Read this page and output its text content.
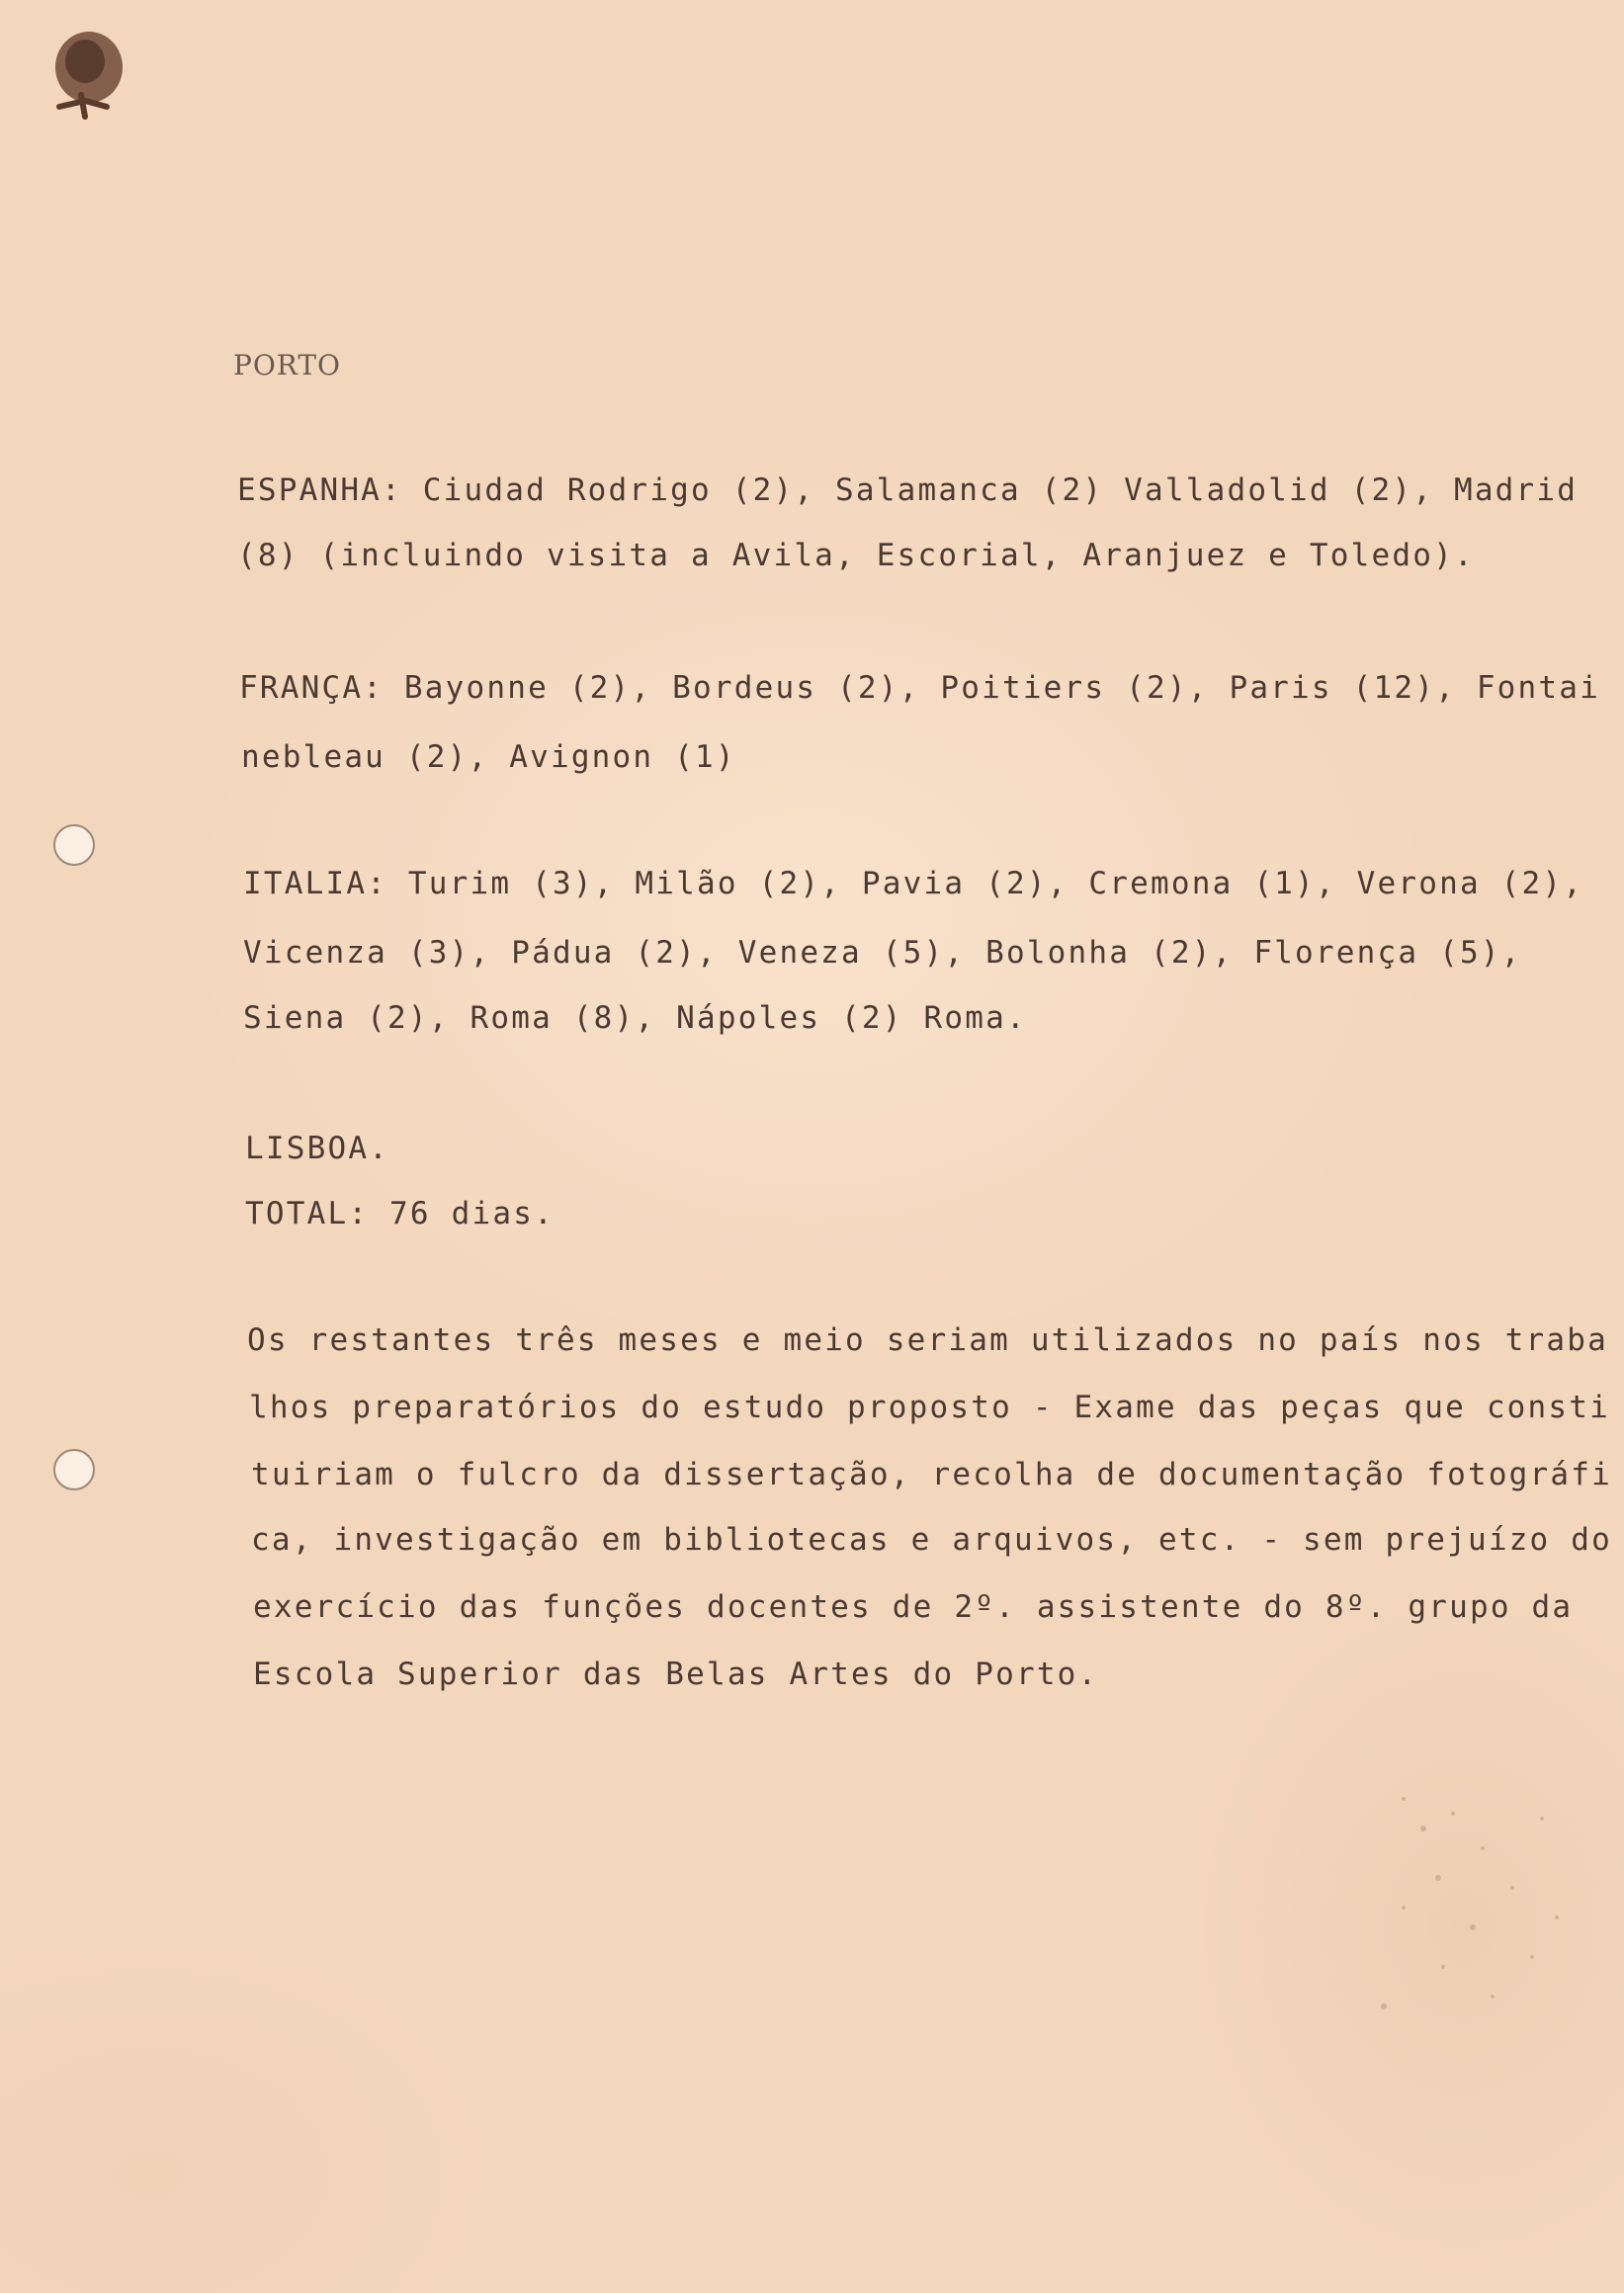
PORTO
ESPANHA: Ciudad Rodrigo (2), Salamanca (2) Valladolid (2), Madrid
(8) (incluindo visita a Avila, Escorial, Aranjuez e Toledo).
FRANÇA: Bayonne (2), Bordeus (2), Poitiers (2), Paris (12), Fontai
nebleau (2), Avignon (1)
ITALIA: Turim (3), Milão (2), Pavia (2), Cremona (1), Verona (2),
Vicenza (3), Pádua (2), Veneza (5), Bolonha (2), Florença (5),
Siena (2), Roma (8), Nápoles (2) Roma.
LISBOA.
TOTAL: 76 dias.
Os restantes três meses e meio seriam utilizados no país nos traba
lhos preparatórios do estudo proposto - Exame das peças que consti
tuiriam o fulcro da dissertação, recolha de documentação fotográfi
ca, investigação em bibliotecas e arquivos, etc. - sem prejuízo do
exercício das funções docentes de 2º. assistente do 8º. grupo da
Escola Superior das Belas Artes do Porto.
